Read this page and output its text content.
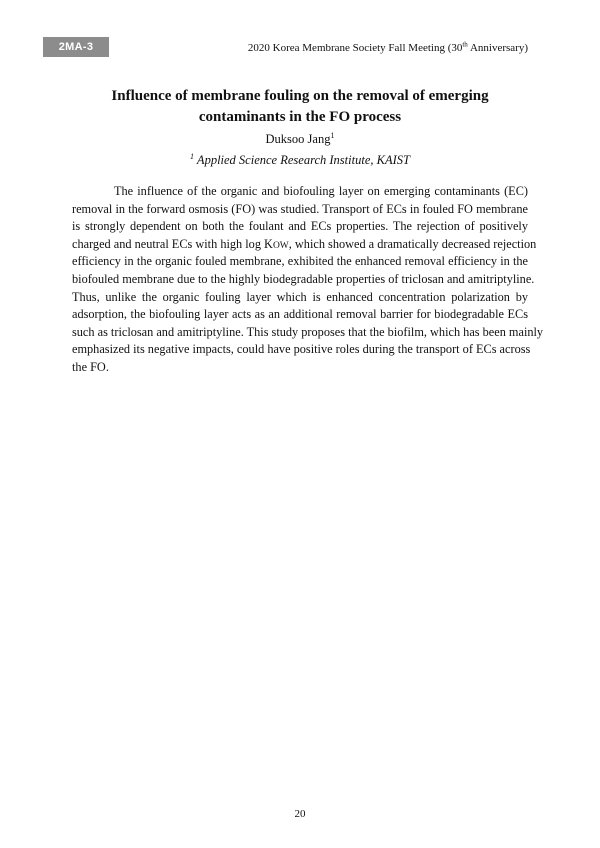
2MA-3	2020 Korea Membrane Society Fall Meeting (30th Anniversary)
Influence of membrane fouling on the removal of emerging
contaminants in the FO process
Duksoo Jang$^1$
$^1$ Applied Science Research Institute, KAIST
The influence of the organic and biofouling layer on emerging contaminants (EC)
removal in the forward osmosis (FO) was studied. Transport of ECs in fouled FO membrane
is strongly dependent on both the foulant and ECs properties. The rejection of positively
charged and neutral ECs with high log KOW, which showed a dramatically decreased rejection
efficiency in the organic fouled membrane, exhibited the enhanced removal efficiency in the
biofouled membrane due to the highly biodegradable properties of triclosan and amitriptyline.
Thus, unlike the organic fouling layer which is enhanced concentration polarization by
adsorption, the biofouling layer acts as an additional removal barrier for biodegradable ECs
such as triclosan and amitriptyline. This study proposes that the biofilm, which has been mainly
emphasized its negative impacts, could have positive roles during the transport of ECs across
the FO.
20
